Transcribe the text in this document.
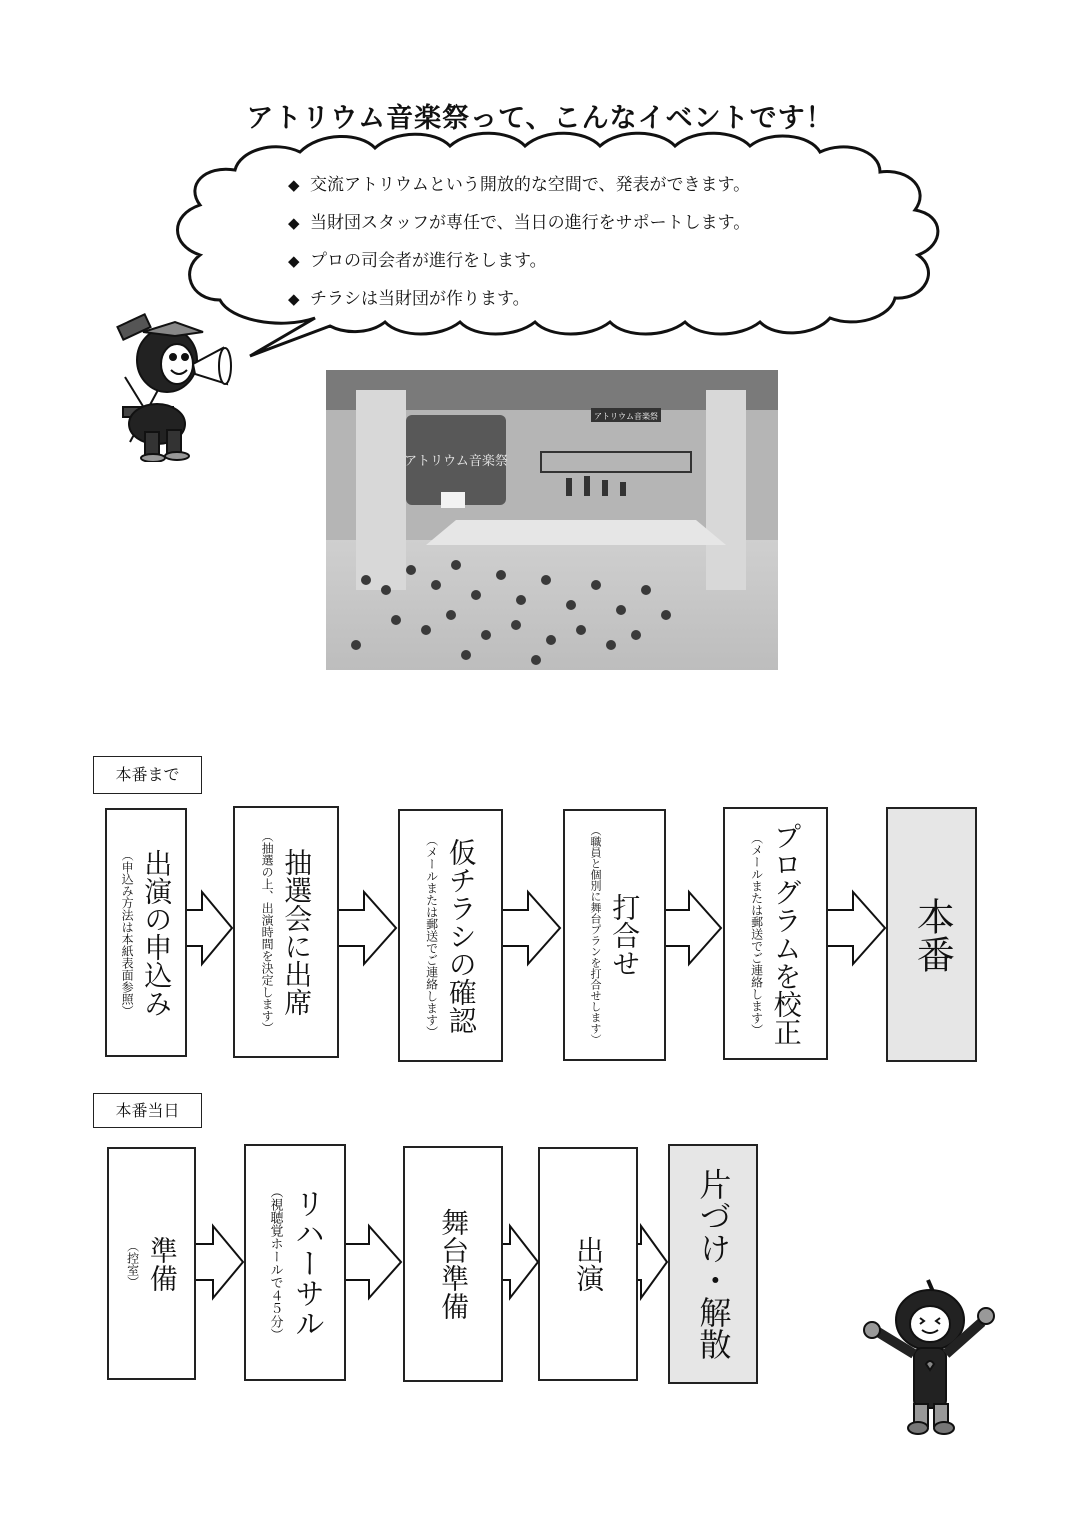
アトリウム音楽祭って、こんなイベントです！
◆ 交流アトリウムという開放的な空間で、発表ができます。
◆ 当財団スタッフが専任で、当日の進行をサポートします。
◆ プロの司会者が進行をします。
◆ チラシは当財団が作ります。
アトリウム音楽祭
アトリウム音楽祭
本番まで
出演の申込み
（申込み方法は本紙表面参照）	抽選会に出席
（抽選の上、出演時間を決定します）	仮チラシの確認
（メールまたは郵送でご連絡します）	打合せ
（職員と個別に舞台プランを打合せします）	プログラムを校正
（メールまたは郵送でご連絡します）	本番
本番当日
準備
（控室）	リハーサル
（視聴覚ホールで４５分）	舞台準備	出演	片づけ・解散
